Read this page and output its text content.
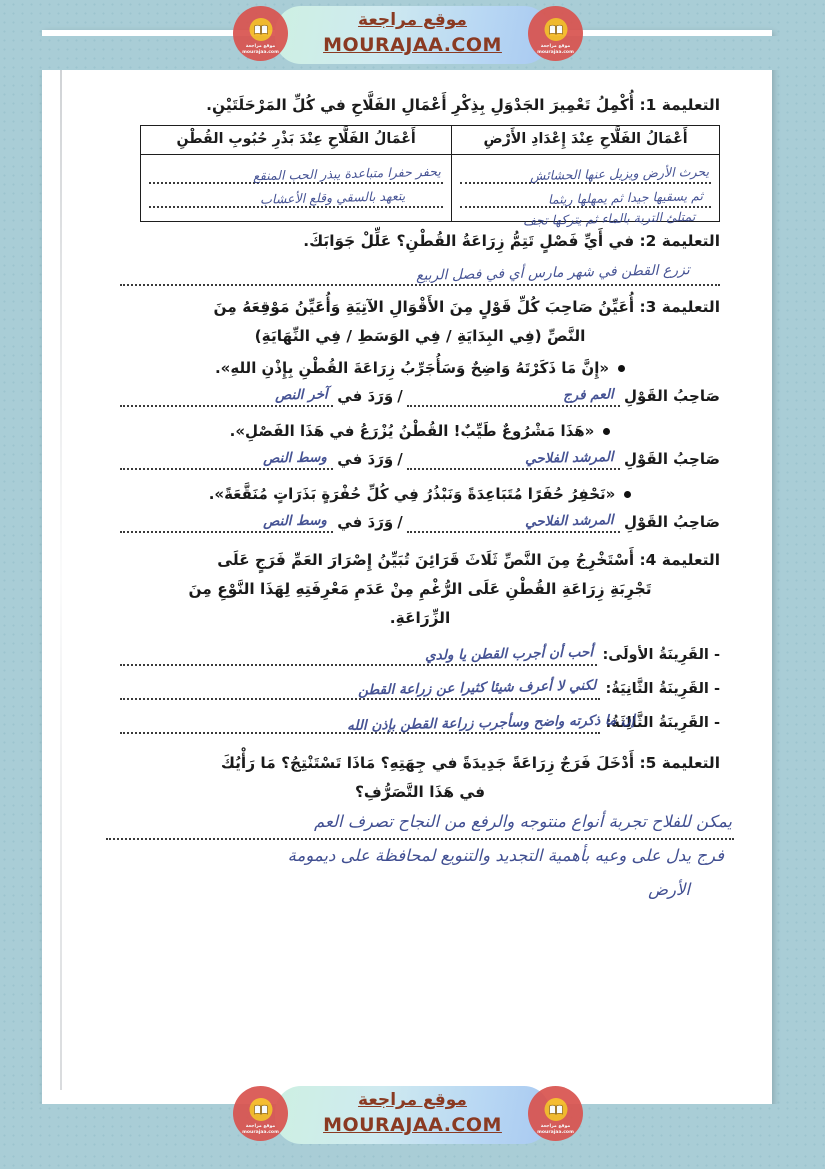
التعليمة 1: أُكْمِلُ تَعْمِيرَ الجَدْوَلِ بِذِكْرِ أَعْمَالِ الفَلَّاحِ في كُلِّ المَرْحَلَتَيْنِ.

أَعْمَالُ الفَلَّاحِ عِنْدَ إِعْدَادِ الأَرْضِ	أَعْمَالُ الفَلَّاحِ عِنْدَ بَذْرِ حُبُوبِ القُطْنِ

يحرث الأرض ويزيل عنها الحشائش
ثم يسقيها جيدا ثم يمهلها ريثما
تمتلئ التربة بالماء ثم يتركها تجف	يحفر حفرا متباعدة يبذر الحب المنقع
يتعهد بالسقي وقلع الأعشاب

التعليمة 2: في أَيِّ فَصْلٍ تَتِمُّ زِرَاعَةُ القُطْنِ؟ عَلِّلْ جَوَابَكَ.

تزرع القطن في شهر مارس أي في فصل الربيع

التعليمة 3: أُعَيِّنُ صَاحِبَ كُلِّ قَوْلٍ مِنَ الأَقْوَالِ الآتِيَةِ وَأُعَيِّنُ مَوْقِعَهُ مِنَ

النَّصِّ (فِي البِدَايَةِ / فِي الوَسَطِ / فِي النِّهَايَةِ)

«إِنَّ مَا ذَكَرْتَهُ وَاضِحٌ وَسَأُجَرِّبُ زِرَاعَةَ القُطْنِ بِإِذْنِ اللهِ».
صَاحِبُ القَوْلِ
العم فرج
/
وَرَدَ في
آخر النص
«هَذَا مَشْرُوعٌ طَيِّبٌ! القُطْنُ يُزْرَعُ في هَذَا الفَصْلِ».
صَاحِبُ القَوْلِ
المرشد الفلاحي
/
وَرَدَ في
وسط النص
«نَحْفِرُ حُفَرًا مُتَبَاعِدَةً وَنَبْذُرُ فِي كُلِّ حُفْرَةٍ بَذَرَاتٍ مُنَقَّعَةً».
صَاحِبُ القَوْلِ
المرشد الفلاحي
/
وَرَدَ في
وسط النص

التعليمة 4: أَسْتَخْرِجُ مِنَ النَّصِّ ثَلَاثَ قَرَائِنَ تُبَيِّنُ إِصْرَارَ العَمِّ فَرَجٍ عَلَى

تَجْرِبَةِ زِرَاعَةِ القُطْنِ عَلَى الرُّغْمِ مِنْ عَدَمِ مَعْرِفَتِهِ لِهَذَا النَّوْعِ مِنَ

الزِّرَاعَةِ.

-
القَرِينَةُ الأولَى:
أحب أن أجرب القطن يا ولدي
-
القَرِينَةُ الثَّانِيَةُ:
لكني لا أعرف شيئا كثيرا عن زراعة القطن
-
القَرِينَةُ الثَّالِثَةُ:
إن ما ذكرته واضح وسأجرب زراعة القطن بإذن الله

التعليمة 5: أَدْخَلَ فَرَجٌ زِرَاعَةً جَدِيدَةً في جِهَتِهِ؟ مَاذَا تَسْتَنْتِجُ؟ مَا رَأْيُكَ

في هَذَا التَّصَرُّفِ؟

يمكن للفلاح تجربة أنواع منتوجه والرفع من النجاح تصرف العم
فرج يدل على وعيه بأهمية التجديد والتنويع لمحافظة على ديمومة
الأرض
موقع مراجعة
mourajaa.com
موقع مراجعة
mourajaa.com
موقع مراجعة
MOURAJAA.COM
موقع مراجعة
mourajaa.com
موقع مراجعة
mourajaa.com
موقع مراجعة
MOURAJAA.COM
